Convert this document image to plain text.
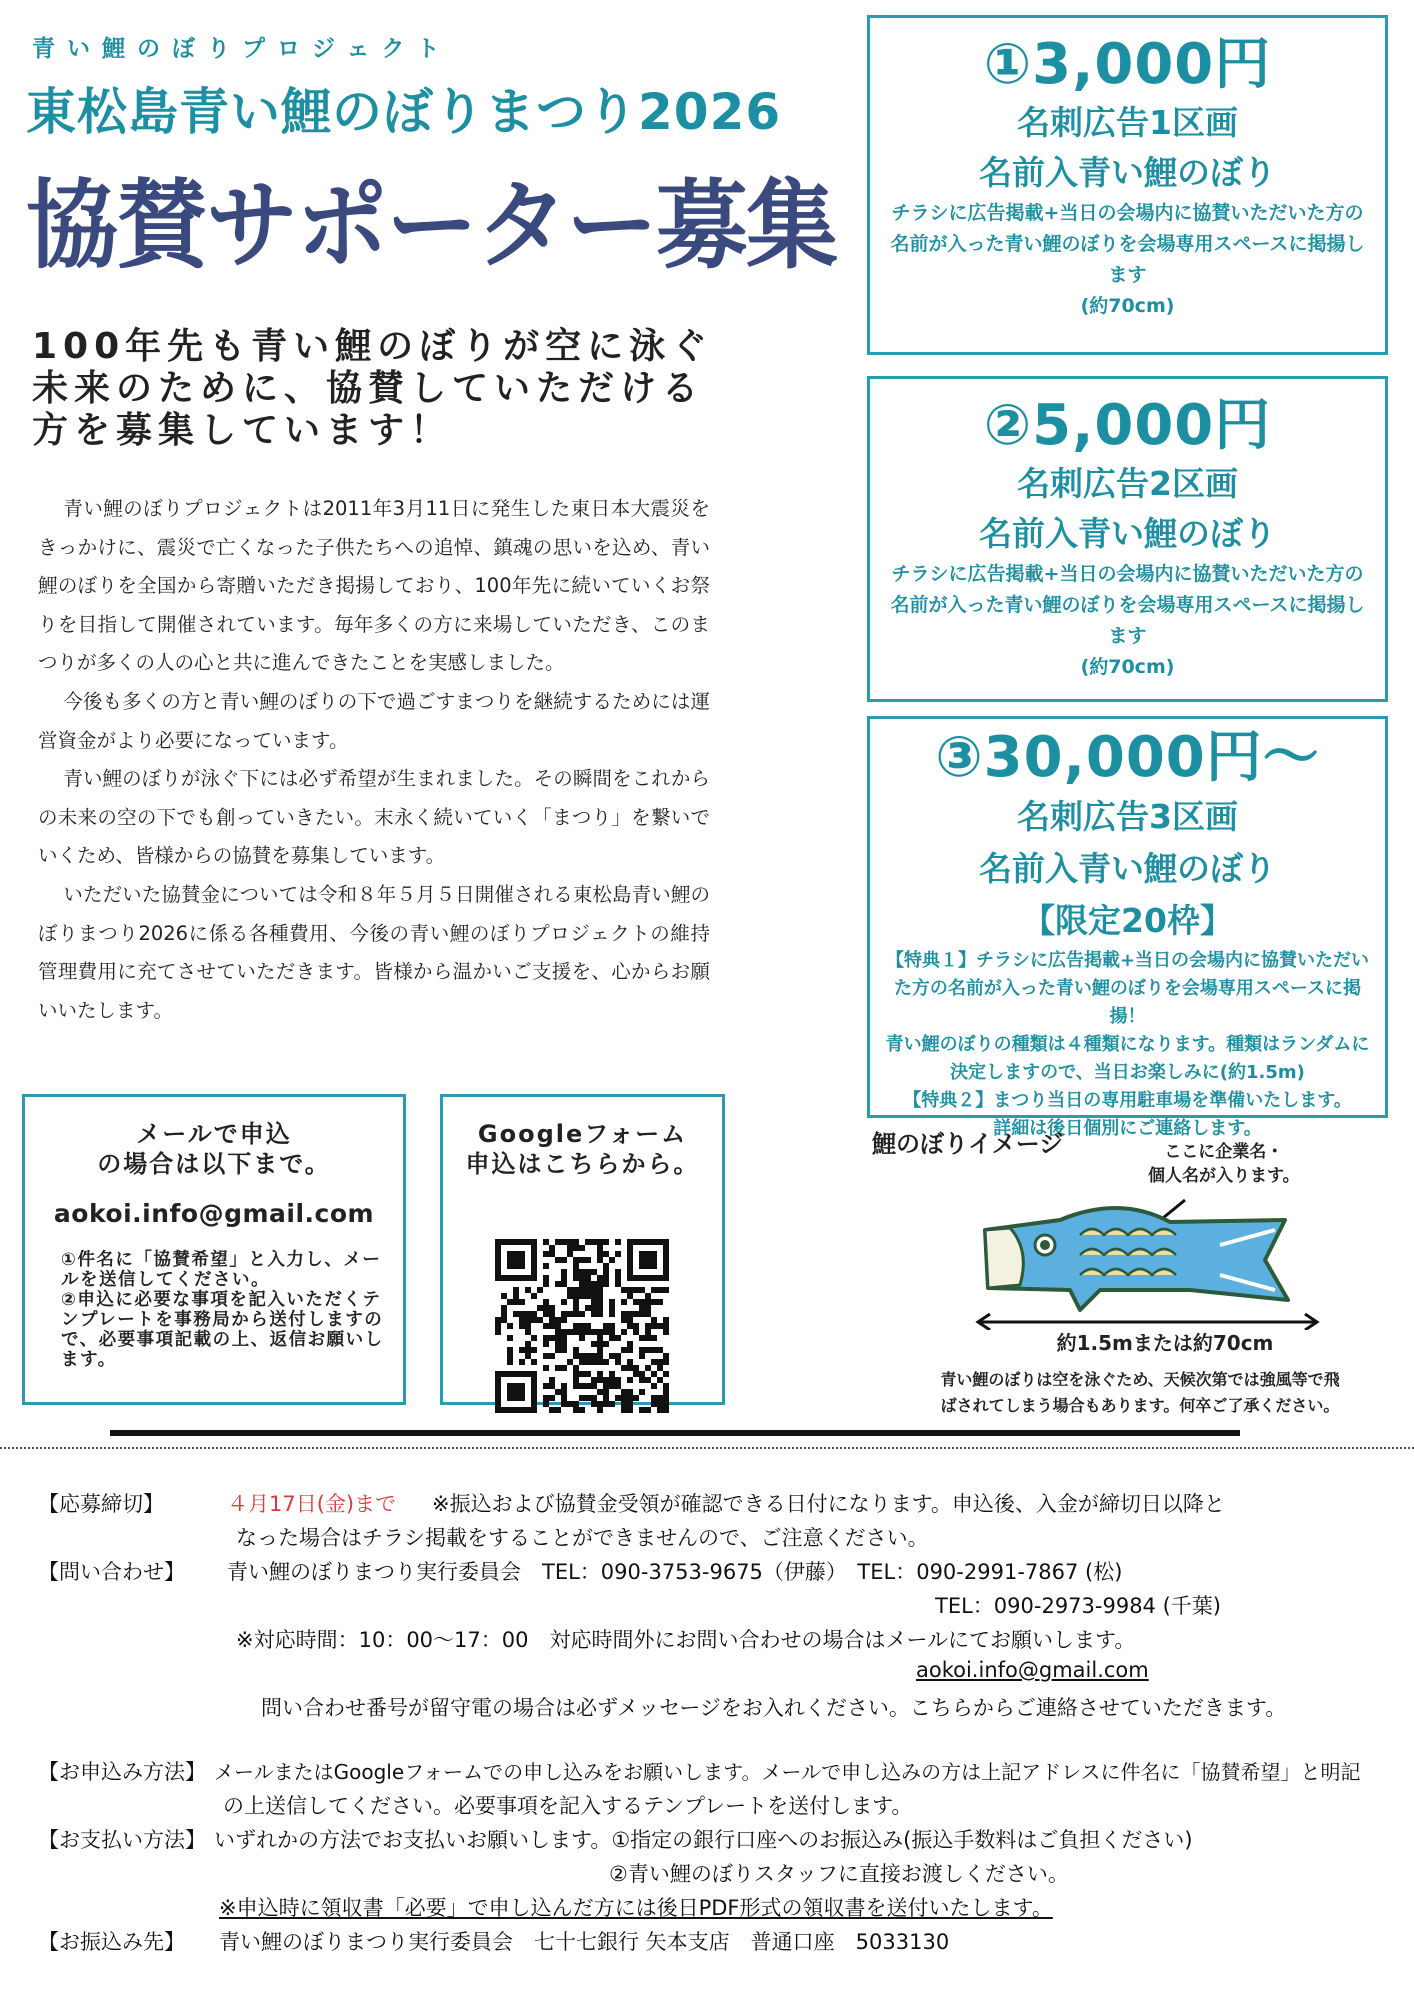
青い鯉のぼりプロジェクト
東松島青い鯉のぼりまつり2026
協賛サポーター募集
100年先も青い鯉のぼりが空に泳ぐ
未来のために、協賛していただける
方を募集しています！

青い鯉のぼりプロジェクトは2011年3月11日に発生した東日本大震災をきっかけに、震災で亡くなった子供たちへの追悼、鎮魂の思いを込め、青い鯉のぼりを全国から寄贈いただき掲揚しており、100年先に続いていくお祭りを目指して開催されています。毎年多くの方に来場していただき、このまつりが多くの人の心と共に進んできたことを実感しました。

今後も多くの方と青い鯉のぼりの下で過ごすまつりを継続するためには運営資金がより必要になっています。

青い鯉のぼりが泳ぐ下には必ず希望が生まれました。その瞬間をこれからの未来の空の下でも創っていきたい。末永く続いていく「まつり」を繋いでいくため、皆様からの協賛を募集しています。

いただいた協賛金については令和８年５月５日開催される東松島青い鯉のぼりまつり2026に係る各種費用、今後の青い鯉のぼりプロジェクトの維持管理費用に充てさせていただきます。皆様から温かいご支援を、心からお願いいたします。

①3,000円
名刺広告1区画
名前入青い鯉のぼり
チラシに広告掲載+当日の会場内に協賛いただいた方の名前が入った青い鯉のぼりを会場専用スペースに掲揚します
(約70cm)
②5,000円
名刺広告2区画
名前入青い鯉のぼり
チラシに広告掲載+当日の会場内に協賛いただいた方の名前が入った青い鯉のぼりを会場専用スペースに掲揚します
(約70cm)
③30,000円～
名刺広告3区画
名前入青い鯉のぼり
【限定20枠】
【特典１】チラシに広告掲載+当日の会場内に協賛いただいた方の名前が入った青い鯉のぼりを会場専用スペースに掲揚！
青い鯉のぼりの種類は４種類になります。種類はランダムに決定しますので、当日お楽しみに(約1.5m)
【特典２】まつり当日の専用駐車場を準備いたします。
詳細は後日個別にご連絡します。
メールで申込
の場合は以下まで。
aokoi.info@gmail.com
①件名に「協賛希望」と入力し、メールを送信してください。
②申込に必要な事項を記入いただくテンプレートを事務局から送付しますので、必要事項記載の上、返信お願いします。
Googleフォーム
申込はこちらから。
鯉のぼりイメージ	ここに企業名・
個人名が入ります。
約1.5mまたは約70cm
青い鯉のぼりは空を泳ぐため、天候次第では強風等で飛
ばされてしまう場合もあります。何卒ご了承ください。
【応募締切】	４月17日(金)まで ※振込および協賛金受領が確認できる日付になります。申込後、入金が締切日以降と
なった場合はチラシ掲載をすることができませんので、ご注意ください。
【問い合わせ】 青い鯉のぼりまつり実行委員会　TEL：090-3753-9675（伊藤）　TEL：090-2991-7867 (松)
TEL：090-2973-9984 (千葉)
※対応時間：10：00～17：00　対応時間外にお問い合わせの場合はメールにてお願いします。
aokoi.info@gmail.com
問い合わせ番号が留守電の場合は必ずメッセージをお入れください。こちらからご連絡させていただきます。
【お申込み方法】 メールまたはGoogleフォームでの申し込みをお願いします。メールで申し込みの方は上記アドレスに件名に「協賛希望」と明記
の上送信してください。必要事項を記入するテンプレートを送付します。
【お支払い方法】 いずれかの方法でお支払いお願いします。①指定の銀行口座へのお振込み(振込手数料はご負担ください)
②青い鯉のぼりスタッフに直接お渡しください。
※申込時に領収書「必要」で申し込んだ方には後日PDF形式の領収書を送付いたします。
【お振込み先】 青い鯉のぼりまつり実行委員会　七十七銀行 矢本支店　普通口座　5033130
